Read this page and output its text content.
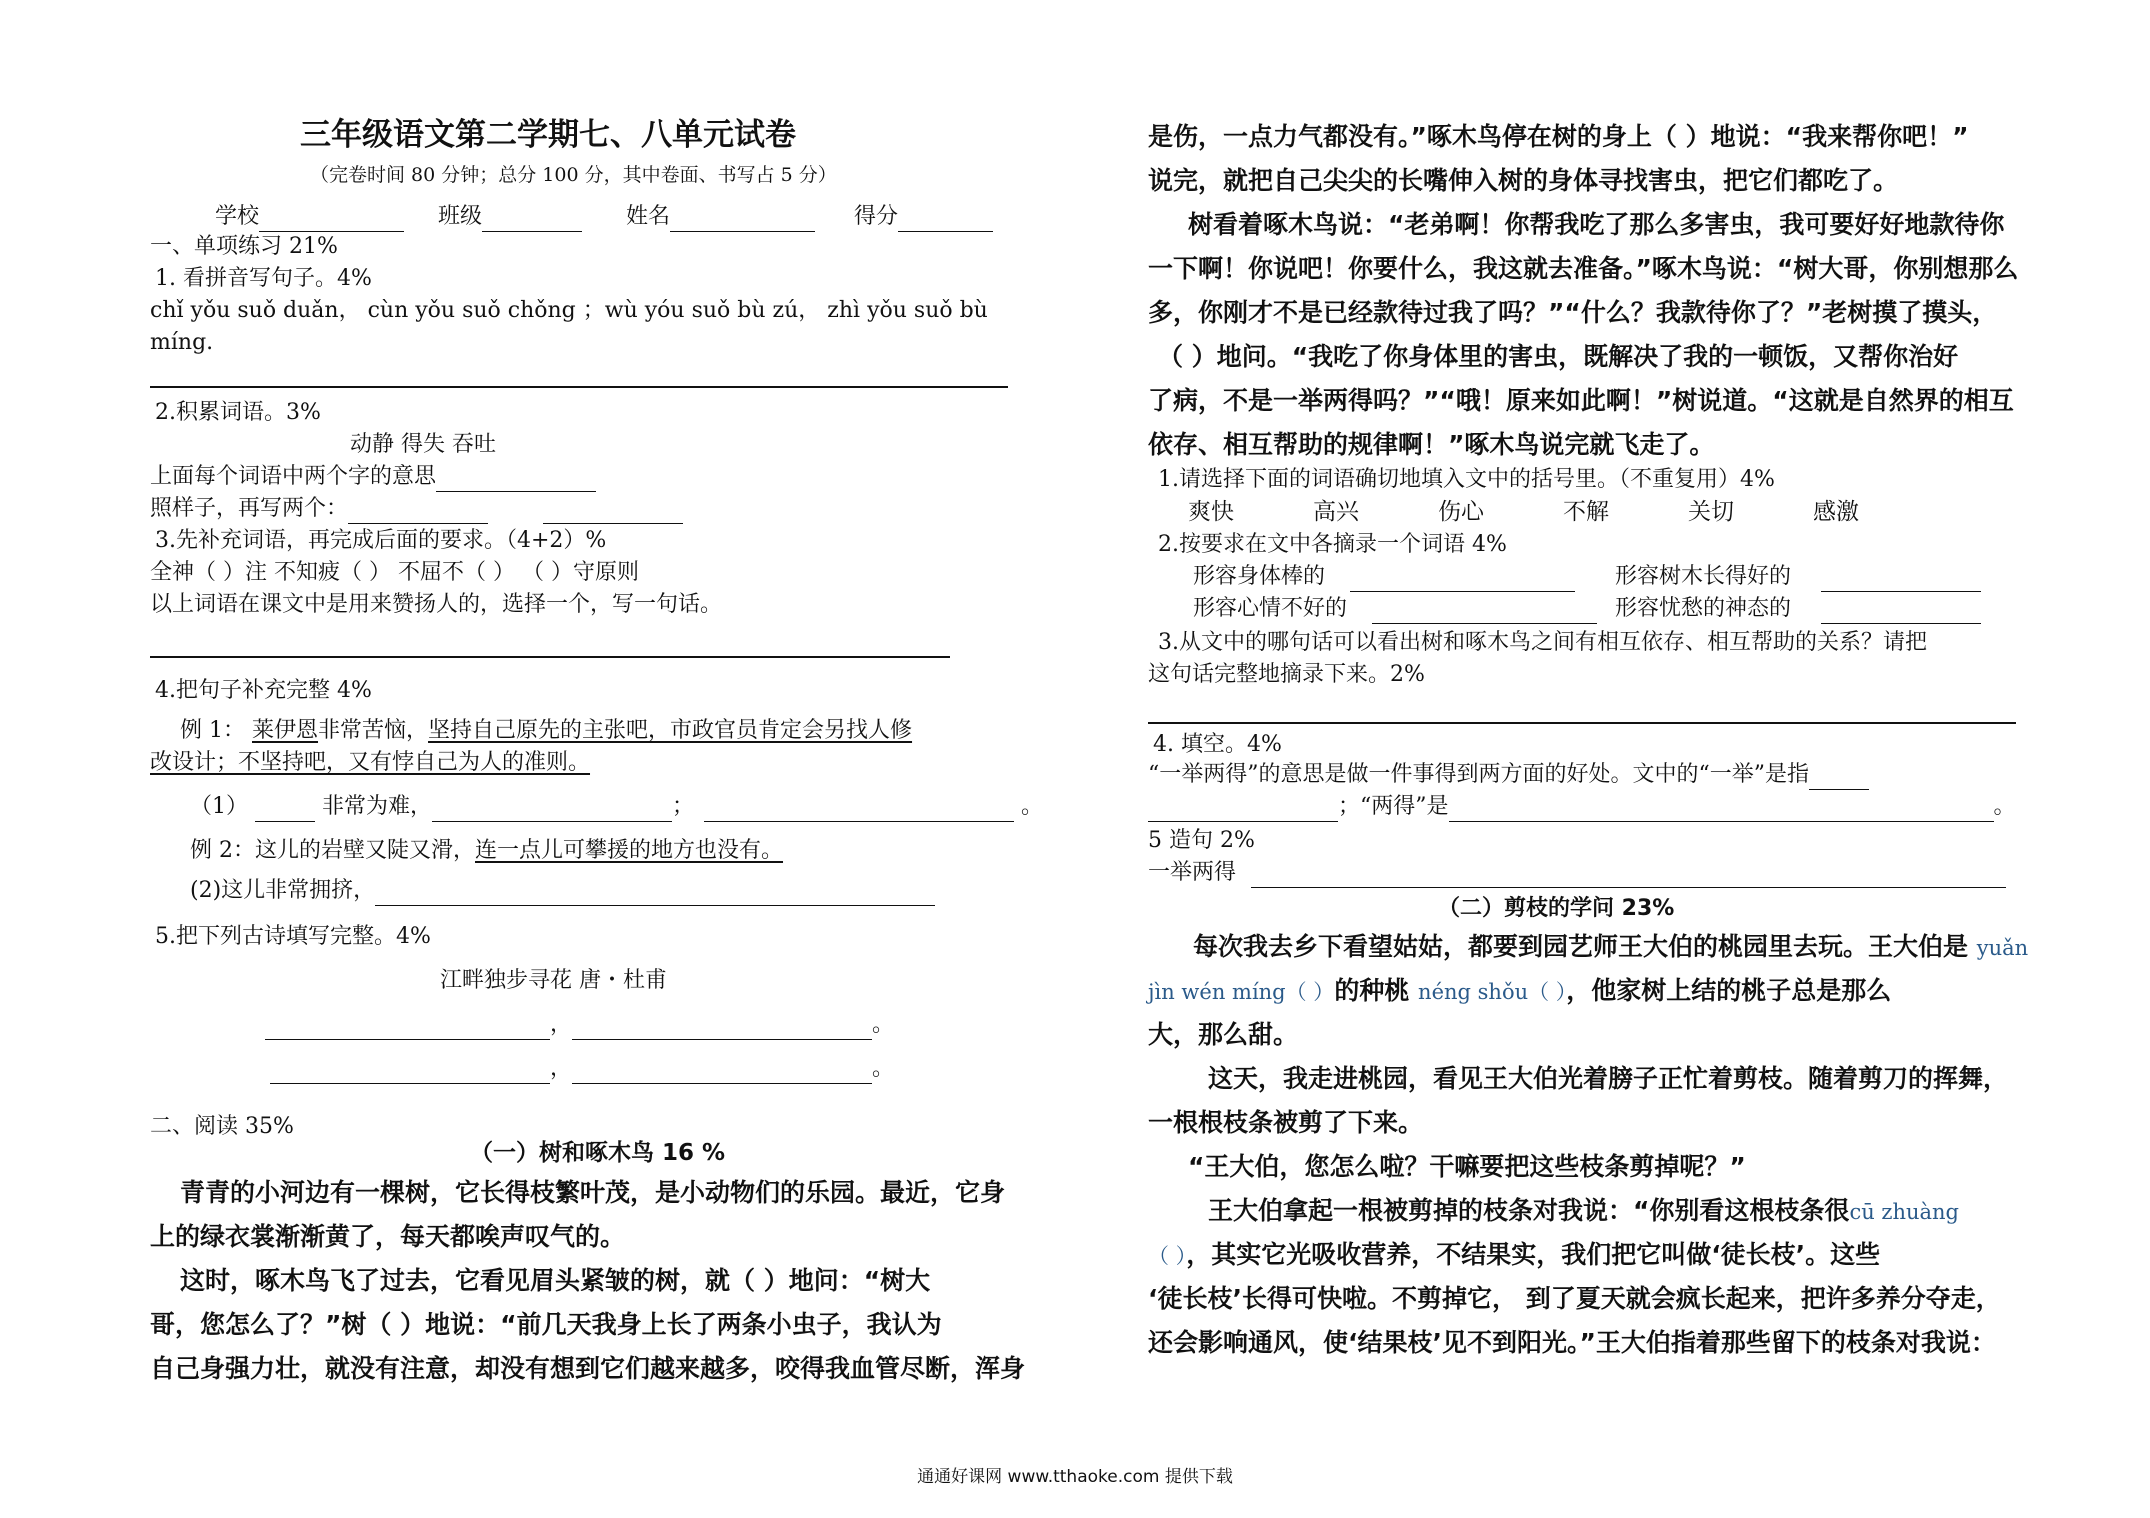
三年级语文第二学期七、八单元试卷
（完卷时间 80 分钟；总分 100 分，其中卷面、书写占 5 分）
学校	班级	姓名	得分
一、单项练习 21%
1. 看拼音写句子。4%
chǐ yǒu suǒ duǎn， cùn yǒu suǒ chǒng ；wù yóu suǒ bù zú， zhì yǒu suǒ bù
míng.
2.积累词语。3%
动静 得失 吞吐
上面每个词语中两个字的意思
照样子，再写两个：
3.先补充词语，再完成后面的要求。（4+2）%
全神（ ）注 不知疲（ ） 不屈不（ ） （ ）守原则
以上词语在课文中是用来赞扬人的，选择一个，写一句话。
4.把句子补充完整 4%
例 1： 莱伊恩非常苦恼，坚持自己原先的主张吧，市政官员肯定会另找人修
改设计；不坚持吧，又有悖自己为人的准则。
（1）	非常为难，	；	。
例 2：这儿的岩壁又陡又滑，连一点儿可攀援的地方也没有。
(2)这儿非常拥挤，
5.把下列古诗填写完整。4%
江畔独步寻花 唐・杜甫
，	。
，	。
二、阅读 35%
（一）树和啄木鸟 16 %
青青的小河边有一棵树，它长得枝繁叶茂，是小动物们的乐园。最近，它身
上的绿衣裳渐渐黄了，每天都唉声叹气的。
这时，啄木鸟飞了过去，它看见眉头紧皱的树，就（ ）地问：“树大
哥，您怎么了？”树（ ）地说：“前几天我身上长了两条小虫子，我认为
自己身强力壮，就没有注意，却没有想到它们越来越多，咬得我血管尽断，浑身
是伤，一点力气都没有。”啄木鸟停在树的身上（ ）地说：“我来帮你吧！”
说完，就把自己尖尖的长嘴伸入树的身体寻找害虫，把它们都吃了。
树看着啄木鸟说：“老弟啊！你帮我吃了那么多害虫，我可要好好地款待你
一下啊！你说吧！你要什么，我这就去准备。”啄木鸟说：“树大哥，你别想那么
多，你刚才不是已经款待过我了吗？”“什么？我款待你了？”老树摸了摸头，
（ ）地问。“我吃了你身体里的害虫，既解决了我的一顿饭，又帮你治好
了病，不是一举两得吗？”“哦！原来如此啊！”树说道。“这就是自然界的相互
依存、相互帮助的规律啊！”啄木鸟说完就飞走了。
1.请选择下面的词语确切地填入文中的括号里。（不重复用）4%
爽快	高兴	伤心	不解	关切	感激
2.按要求在文中各摘录一个词语 4%
形容身体棒的	形容树木长得好的
形容心情不好的	形容忧愁的神态的
3.从文中的哪句话可以看出树和啄木鸟之间有相互依存、相互帮助的关系？请把
这句话完整地摘录下来。2%
4. 填空。4%
“一举两得”的意思是做一件事得到两方面的好处。文中的“一举”是指
；“两得”是	。
5 造句 2%
一举两得
（二）剪枝的学问 23%
每次我去乡下看望姑姑，都要到园艺师王大伯的桃园里去玩。王大伯是 yuǎn
jìn wén míng（ ）的种桃 néng shǒu（ ），他家树上结的桃子总是那么
大，那么甜。
这天，我走进桃园，看见王大伯光着膀子正忙着剪枝。随着剪刀的挥舞，
一根根枝条被剪了下来。
“王大伯，您怎么啦？干嘛要把这些枝条剪掉呢？”
王大伯拿起一根被剪掉的枝条对我说：“你别看这根枝条很cū zhuàng
（ ），其实它光吸收营养，不结果实，我们把它叫做‘徒长枝’。这些
‘徒长枝’长得可快啦。不剪掉它， 到了夏天就会疯长起来，把许多养分夺走，
还会影响通风，使‘结果枝’见不到阳光。”王大伯指着那些留下的枝条对我说：
通通好课网 www.tthaoke.com 提供下载
